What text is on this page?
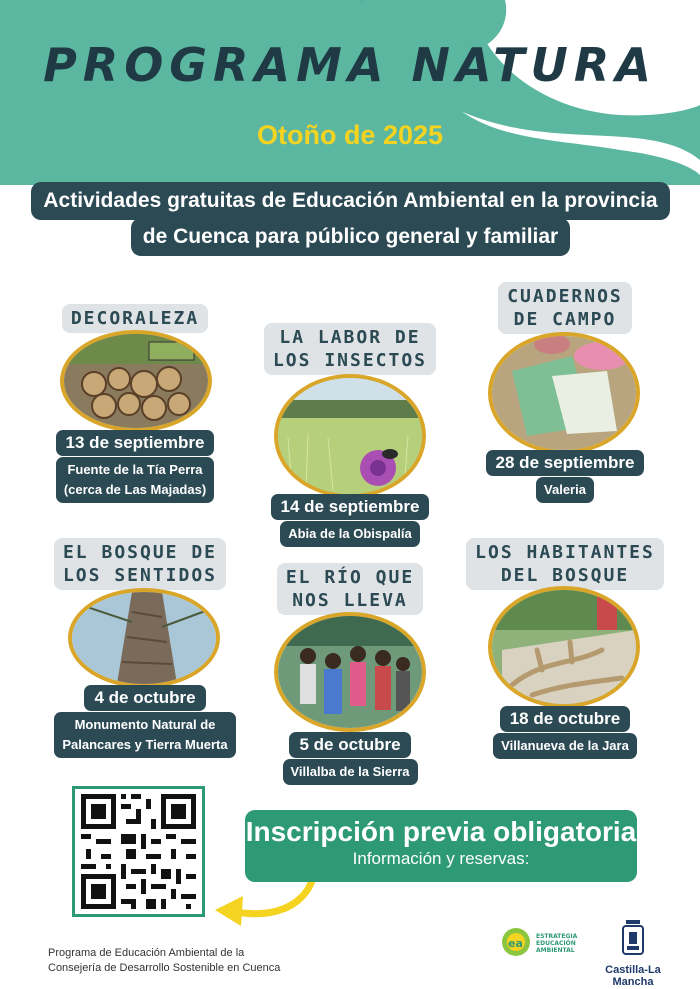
PROGRAMA NATURA
Otoño de 2025
Actividades gratuitas de Educación Ambiental en la provincia
de Cuenca para público general y familiar
DECORALEZA
13 de septiembre
Fuente de la Tía Perra
(cerca de Las Majadas)
LA LABOR DE
LOS INSECTOS
14 de septiembre
Abia de la Obispalía
CUADERNOS
DE CAMPO
28 de septiembre
Valeria
EL BOSQUE DE
LOS SENTIDOS
4 de octubre
Monumento Natural de
Palancares y Tierra Muerta
EL RÍO QUE
NOS LLEVA
5 de octubre
Villalba de la Sierra
LOS HABITANTES
DEL BOSQUE
18 de octubre
Villanueva de la Jara
Inscripción previa obligatoria
Información y reservas:
Programa de Educación Ambiental de la
Consejería de Desarrollo Sostenible en Cuenca
ea
ESTRATEGIA
EDUCACIÓN
AMBIENTAL
Castilla-La Mancha
